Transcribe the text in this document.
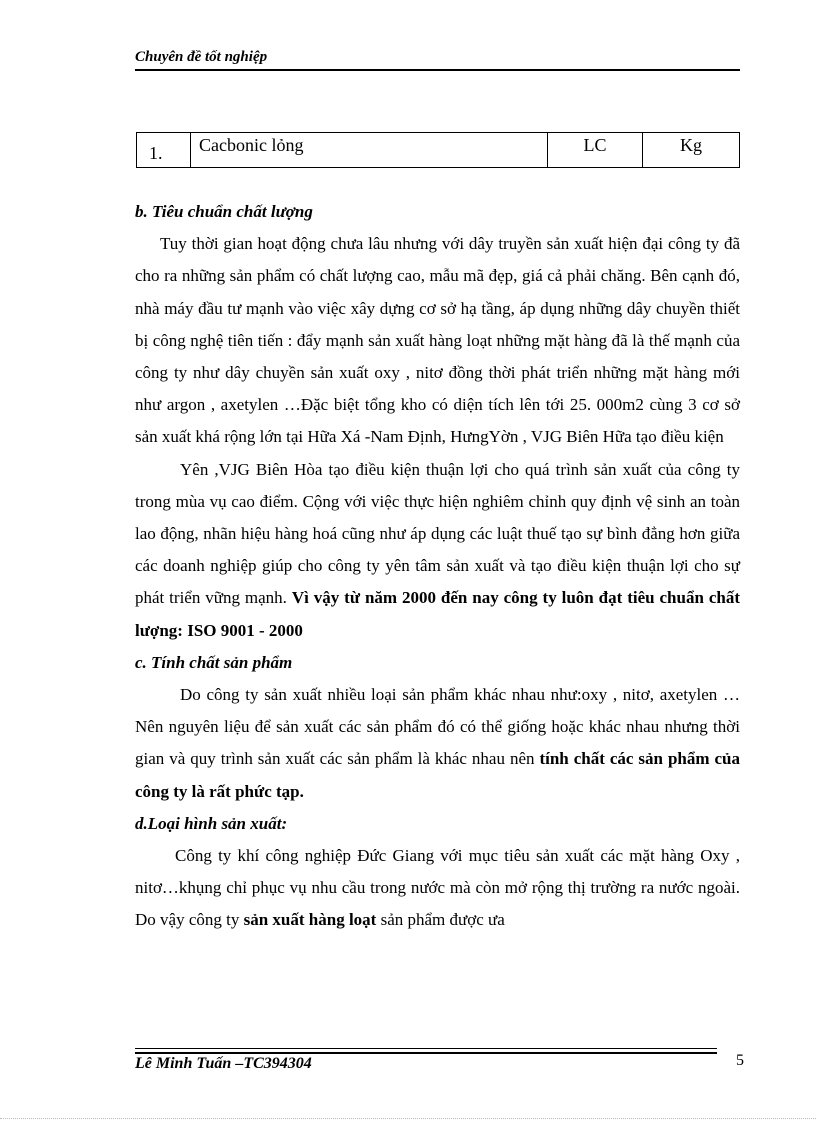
Chuyên đề tốt nghiệp
1.	Cacbonic lỏng	LC	Kg
b. Tiêu chuẩn chất lượng

Tuy thời gian hoạt động chưa lâu nhưng với dây truyền sản xuất hiện đại công ty đã cho ra những sản phẩm có chất lượng cao, mẫu mã đẹp, giá cả phải chăng. Bên cạnh đó, nhà máy đầu tư mạnh vào việc xây dựng cơ sở hạ tầng, áp dụng những dây chuyền thiết bị công nghệ tiên tiến : đẩy mạnh sản xuất hàng loạt những mặt hàng đã là thế mạnh của công ty như dây chuyền sản xuất oxy , nitơ đồng thời phát triển những mặt hàng mới như argon , axetylen …Đặc biệt tổng kho có diện tích lên tới 25. 000m2 cùng 3 cơ sở sản xuất khá rộng lớn tại Hữa Xá -Nam Định, HưngYờn , VJG Biên Hữa tạo điều kiện

Yên ,VJG Biên Hòa tạo điều kiện thuận lợi cho quá trình sản xuất của công ty trong mùa vụ cao điểm. Cộng với việc thực hiện nghiêm chỉnh quy định vệ sinh an toàn lao động, nhãn hiệu hàng hoá cũng như áp dụng các luật thuế tạo sự bình đẳng hơn giữa các doanh nghiệp giúp cho công ty yên tâm sản xuất và tạo điều kiện thuận lợi cho sự phát triển vững mạnh. Vì vậy từ năm 2000 đến nay công ty luôn đạt tiêu chuẩn chất lượng: ISO 9001 - 2000

c. Tính chất sản phẩm

Do công ty sản xuất nhiều loại sản phẩm khác nhau như:oxy , nitơ, axetylen …Nên nguyên liệu để sản xuất các sản phẩm đó có thể giống hoặc khác nhau nhưng thời gian và quy trình sản xuất các sản phẩm là khác nhau nên tính chất các sản phẩm của công ty là rất phức tạp.

d.Loại hình sản xuất:

Công ty khí công nghiệp Đức Giang với mục tiêu sản xuất các mặt hàng Oxy , nitơ…khụng chỉ phục vụ nhu cầu trong nước mà còn mở rộng thị trường ra nước ngoài. Do vậy công ty sản xuất hàng loạt sản phẩm được ưa

Lê Minh Tuấn –TC394304	5
